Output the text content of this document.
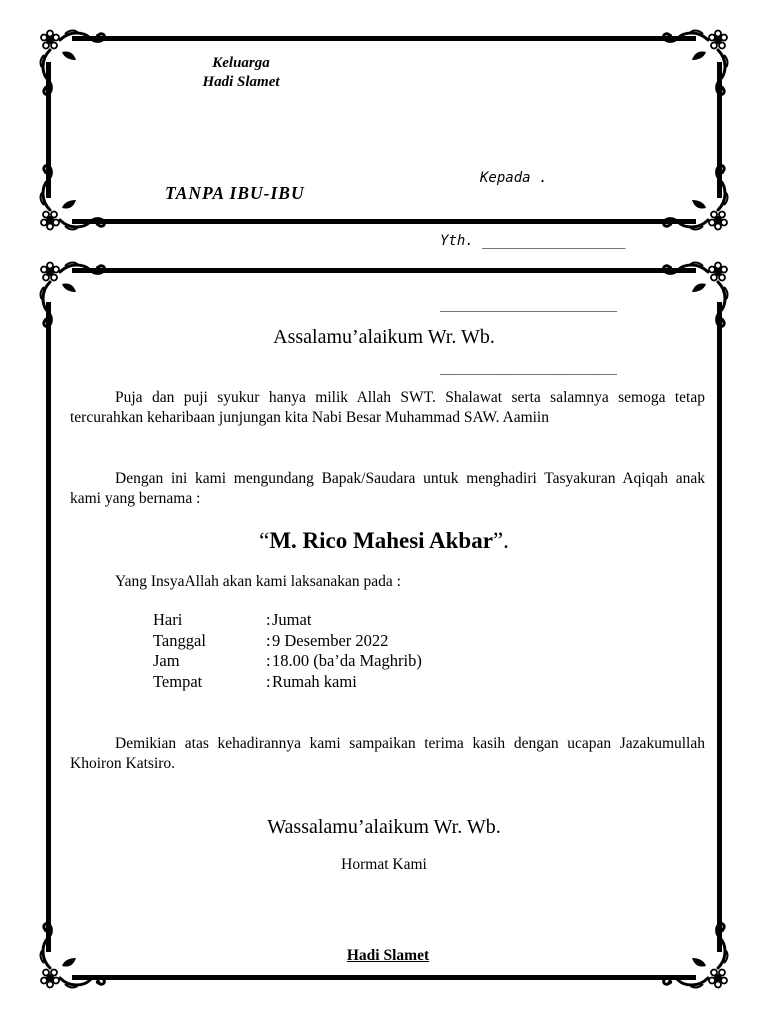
Keluarga
Hadi Slamet
TANPA IBU-IBU

Kepada .

Yth. _________________

_____________________

_____________________

Assalamu’alaikum Wr. Wb.
Puja dan puji syukur hanya milik Allah SWT. Shalawat serta salamnya semoga tetap tercurahkan keharibaan junjungan kita Nabi Besar Muhammad SAW. Aamiin
Dengan ini kami mengundang Bapak/Saudara untuk menghadiri Tasyakuran Aqiqah anak kami yang bernama :
“M. Rico Mahesi Akbar”.
Yang InsyaAllah akan kami laksanakan pada :
Hari	: Jumat
Tanggal	: 9 Desember 2022
Jam	: 18.00 (ba’da Maghrib)
Tempat	: Rumah kami
Demikian atas kehadirannya kami sampaikan terima kasih dengan ucapan Jazakumullah Khoiron Katsiro.
Wassalamu’alaikum Wr. Wb.
Hormat Kami
Hadi Slamet
